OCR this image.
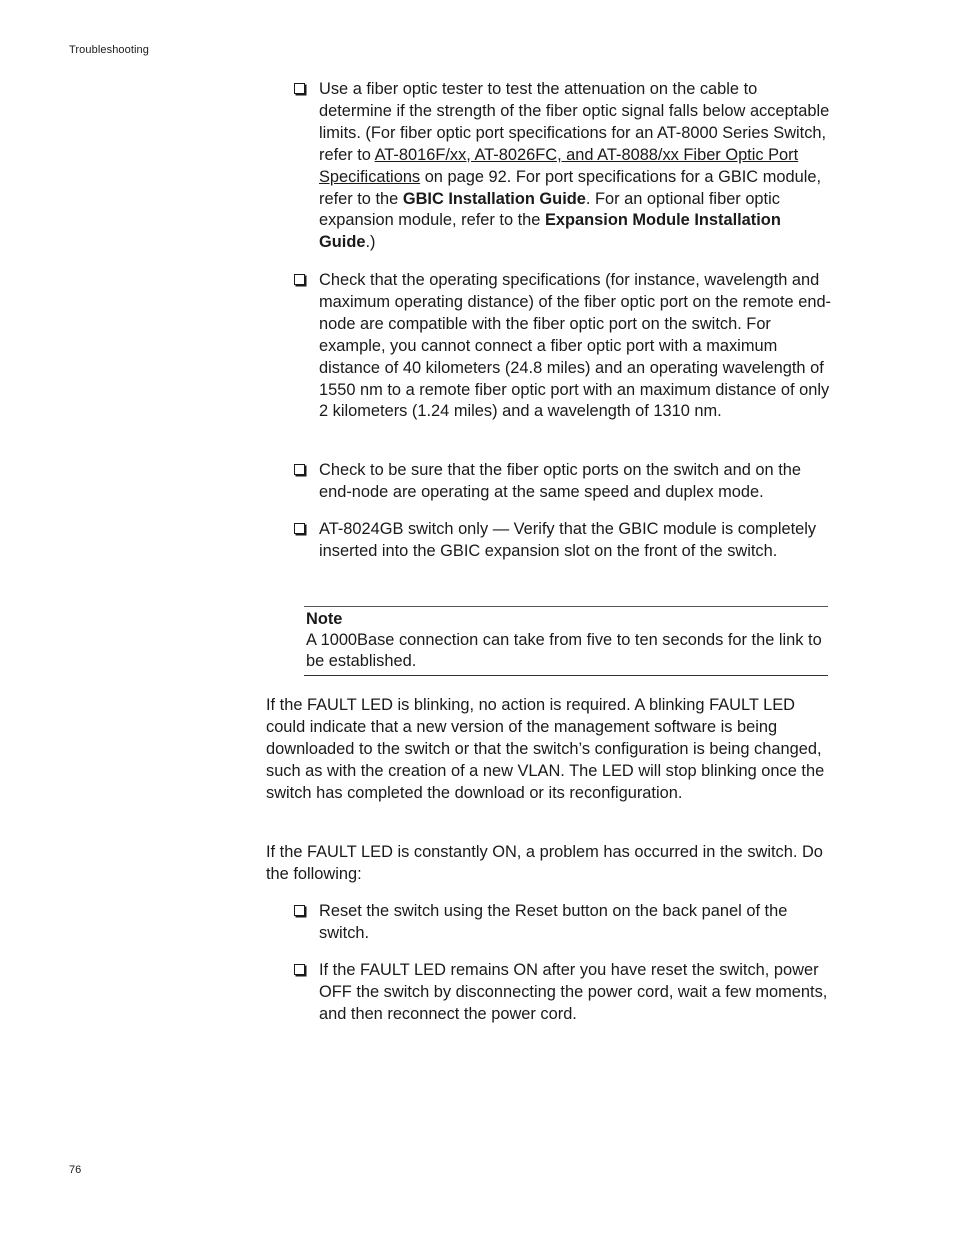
Troubleshooting
Use a fiber optic tester to test the attenuation on the cable to determine if the strength of the fiber optic signal falls below acceptable limits. (For fiber optic port specifications for an AT-8000 Series Switch, refer to AT-8016F/xx, AT-8026FC, and AT-8088/xx Fiber Optic Port Specifications on page 92. For port specifications for a GBIC module, refer to the GBIC Installation Guide. For an optional fiber optic expansion module, refer to the Expansion Module Installation Guide.)
Check that the operating specifications (for instance, wavelength and maximum operating distance) of the fiber optic port on the remote end-node are compatible with the fiber optic port on the switch. For example, you cannot connect a fiber optic port with a maximum distance of 40 kilometers (24.8 miles) and an operating wavelength of 1550 nm to a remote fiber optic port with an maximum distance of only 2 kilometers (1.24 miles) and a wavelength of 1310 nm.
Check to be sure that the fiber optic ports on the switch and on the end-node are operating at the same speed and duplex mode.
AT-8024GB switch only — Verify that the GBIC module is completely inserted into the GBIC expansion slot on the front of the switch.
Note
A 1000Base connection can take from five to ten seconds for the link to be established.
If the FAULT LED is blinking, no action is required. A blinking FAULT LED could indicate that a new version of the management software is being downloaded to the switch or that the switch’s configuration is being changed, such as with the creation of a new VLAN. The LED will stop blinking once the switch has completed the download or its reconfiguration.
If the FAULT LED is constantly ON, a problem has occurred in the switch. Do the following:
Reset the switch using the Reset button on the back panel of the switch.
If the FAULT LED remains ON after you have reset the switch, power OFF the switch by disconnecting the power cord, wait a few moments, and then reconnect the power cord.
76
